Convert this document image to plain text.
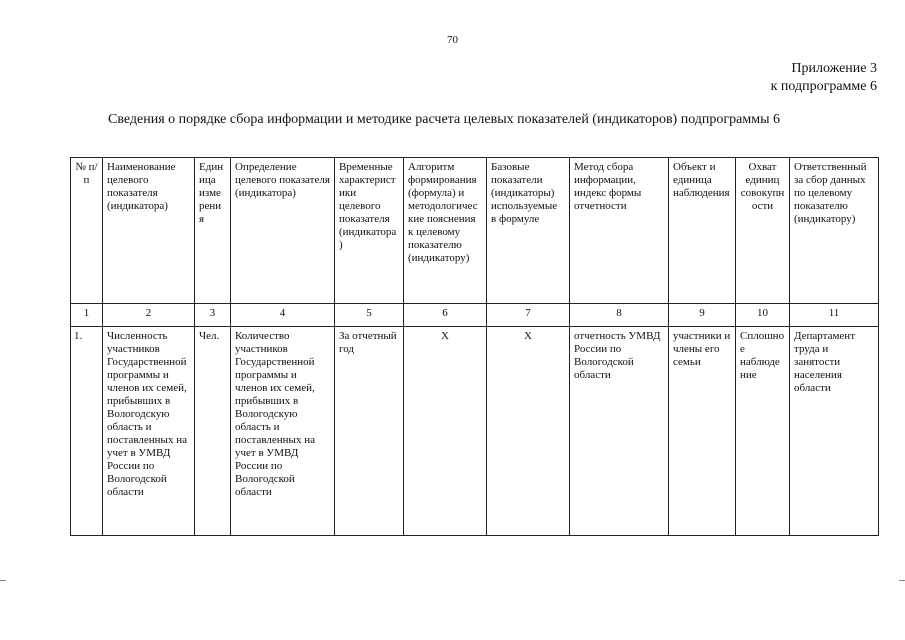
70
Приложение 3
к подпрограмме 6
Сведения о порядке сбора информации и методике расчета целевых показателей (индикаторов) подпрограммы 6
№ п/п	Наименование целевого показателя (индикатора)	Единица измерения	Определение целевого показателя (индикатора)	Временные характеристики целевого показателя (индикатора)	Алгоритм формирования (формула) и методологические пояснения к целевому показателю (индикатору)	Базовые показатели (индикаторы) используемые в формуле	Метод сбора информации, индекс формы отчетности	Объект и единица наблюдения	Охват единиц совокупности	Ответственный за сбор данных по целевому показателю (индикатору)
1	2	3	4	5	6	7	8	9	10	11
1.	Численность участников Государственной программы и членов их семей, прибывших в Вологодскую область и поставленных на учет в УМВД России по Вологодской области	Чел.	Количество участников Государственной программы и членов их семей, прибывших в Вологодскую область и поставленных на учет в УМВД России по Вологодской области	За отчетный год	X	X	отчетность УМВД России по Вологодской области	участники и члены его семьи	Сплошное наблюдение	Департамент труда и занятости населения области
